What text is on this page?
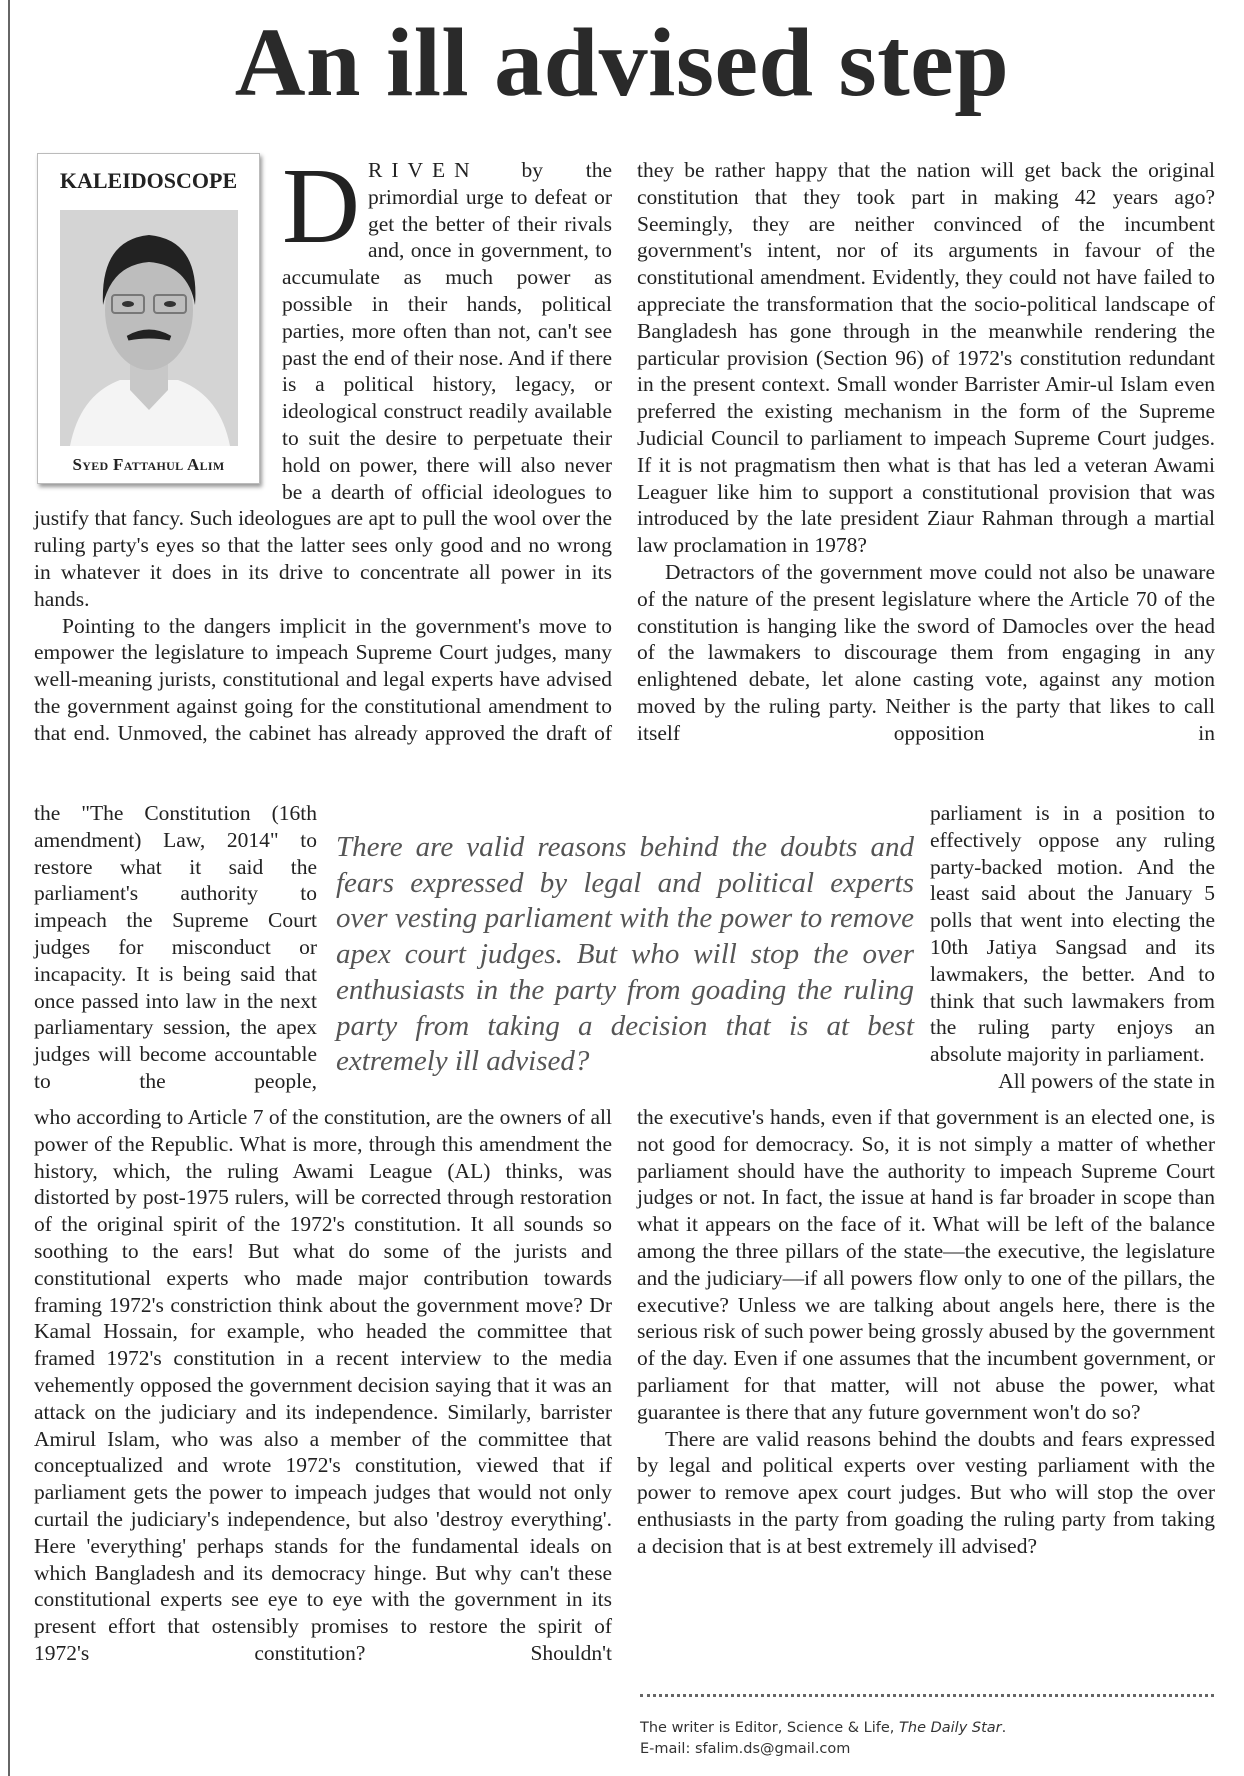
An ill advised step
KALEIDOSCOPE
Syed Fattahul Alim

DRIVEN by the primordial urge to defeat or get the better of their rivals and, once in government, to accumulate as much power as possible in their hands, political parties, more often than not, can't see past the end of their nose. And if there is a political history, legacy, or ideological construct readily available to suit the desire to perpetuate their hold on power, there will also never be a dearth of official ideologues to justify that fancy. Such ideologues are apt to pull the wool over the ruling party's eyes so that the latter sees only good and no wrong in whatever it does in its drive to concentrate all power in its hands.

Pointing to the dangers implicit in the government's move to empower the legislature to impeach Supreme Court judges, many well-meaning jurists, constitutional and legal experts have advised the government against going for the constitutional amendment to that end. Unmoved, the cabinet has already approved the draft of

the "The Constitution (16th amendment) Law, 2014" to restore what it said the parliament's authority to impeach the Supreme Court judges for misconduct or incapacity. It is being said that once passed into law in the next parliamentary session, the apex judges will become accountable to the people,

who according to Article 7 of the constitution, are the owners of all power of the Republic. What is more, through this amendment the history, which, the ruling Awami League (AL) thinks, was distorted by post-1975 rulers, will be corrected through restoration of the original spirit of the 1972's constitution. It all sounds so soothing to the ears! But what do some of the jurists and constitutional experts who made major contribution towards framing 1972's constriction think about the government move? Dr Kamal Hossain, for example, who headed the committee that framed 1972's constitution in a recent interview to the media vehemently opposed the government decision saying that it was an attack on the judiciary and its independence. Similarly, barrister Amirul Islam, who was also a member of the committee that conceptualized and wrote 1972's constitution, viewed that if parliament gets the power to impeach judges that would not only curtail the judiciary's independence, but also 'destroy everything'. Here 'everything' perhaps stands for the fundamental ideals on which Bangladesh and its democracy hinge. But why can't these constitutional experts see eye to eye with the government in its present effort that ostensibly promises to restore the spirit of 1972's constitution? Shouldn't

There are valid reasons behind the doubts and fears expressed by legal and political experts over vesting parliament with the power to remove apex court judges. But who will stop the over enthusiasts in the party from goading the ruling party from taking a decision that is at best extremely ill advised?

they be rather happy that the nation will get back the original constitution that they took part in making 42 years ago? Seemingly, they are neither convinced of the incumbent government's intent, nor of its arguments in favour of the constitutional amendment. Evidently, they could not have failed to appreciate the transformation that the socio-political landscape of Bangladesh has gone through in the meanwhile rendering the particular provision (Section 96) of 1972's constitution redundant in the present context. Small wonder Barrister Amir-ul Islam even preferred the existing mechanism in the form of the Supreme Judicial Council to parliament to impeach Supreme Court judges. If it is not pragmatism then what is that has led a veteran Awami Leaguer like him to support a constitutional provision that was introduced by the late president Ziaur Rahman through a martial law proclamation in 1978?

Detractors of the government move could not also be unaware of the nature of the present legislature where the Article 70 of the constitution is hanging like the sword of Damocles over the head of the lawmakers to discourage them from engaging in any enlightened debate, let alone casting vote, against any motion moved by the ruling party. Neither is the party that likes to call itself opposition in

parliament is in a position to effectively oppose any ruling party-backed motion. And the least said about the January 5 polls that went into electing the 10th Jatiya Sangsad and its lawmakers, the better. And to think that such lawmakers from the ruling party enjoys an absolute majority in parliament.

All powers of the state in

the executive's hands, even if that government is an elected one, is not good for democracy. So, it is not simply a matter of whether parliament should have the authority to impeach Supreme Court judges or not. In fact, the issue at hand is far broader in scope than what it appears on the face of it. What will be left of the balance among the three pillars of the state—the executive, the legislature and the judiciary—if all powers flow only to one of the pillars, the executive? Unless we are talking about angels here, there is the serious risk of such power being grossly abused by the government of the day. Even if one assumes that the incumbent government, or parliament for that matter, will not abuse the power, what guarantee is there that any future government won't do so?

There are valid reasons behind the doubts and fears expressed by legal and political experts over vesting parliament with the power to remove apex court judges. But who will stop the over enthusiasts in the party from goading the ruling party from taking a decision that is at best extremely ill advised?

The writer is Editor, Science & Life, The Daily Star.
E-mail: sfalim.ds@gmail.com
